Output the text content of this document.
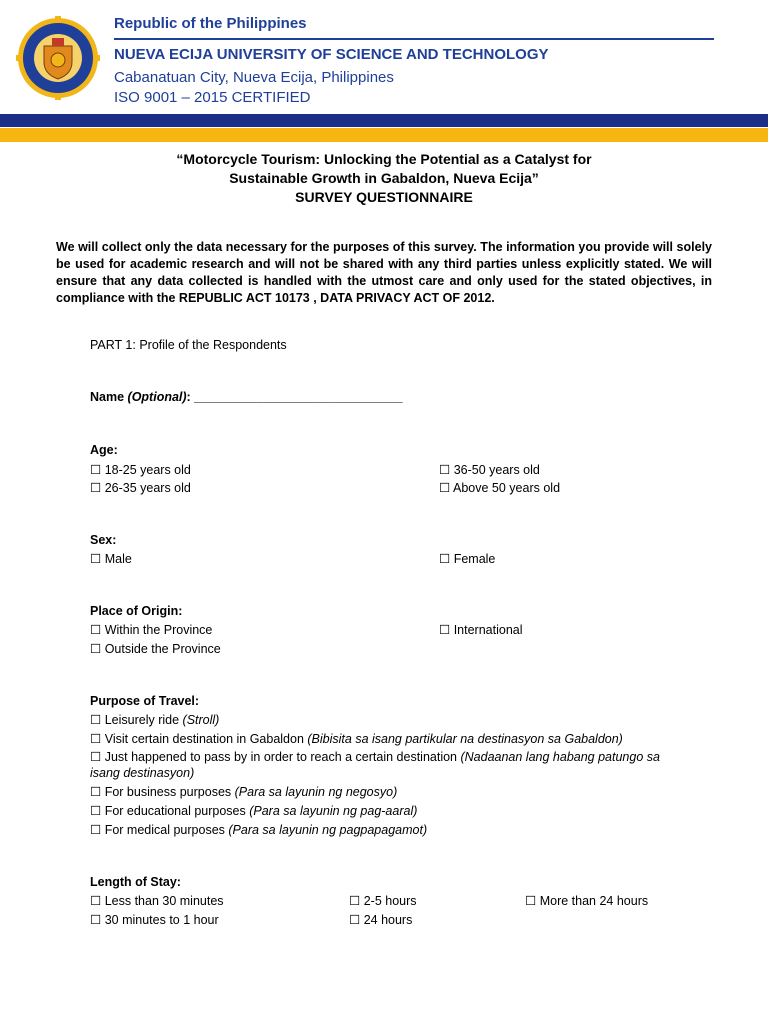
Republic of the Philippines
NUEVA ECIJA UNIVERSITY OF SCIENCE AND TECHNOLOGY
Cabanatuan City, Nueva Ecija, Philippines
ISO 9001 – 2015 CERTIFIED
“Motorcycle Tourism: Unlocking the Potential as a Catalyst for
Sustainable Growth in Gabaldon, Nueva Ecija”
SURVEY QUESTIONNAIRE
We will collect only the data necessary for the purposes of this survey. The information you provide will solely be used for academic research and will not be shared with any third parties unless explicitly stated. We will ensure that any data collected is handled with the utmost care and only used for the stated objectives, in compliance with the REPUBLIC ACT 10173 , DATA PRIVACY ACT OF 2012.
PART 1: Profile of the Respondents
Name (Optional): ______________________________
Age:
☐ 18-25 years old
☐ 26-35 years old
☐ 36-50 years old
☐ Above 50 years old
Sex:
☐ Male	☐ Female
Place of Origin:
☐ Within the Province
☐ Outside the Province
☐ International
Purpose of Travel:
☐ Leisurely ride (Stroll)
☐ Visit certain destination in Gabaldon (Bibisita sa isang partikular na destinasyon sa Gabaldon)
☐ Just happened to pass by in order to reach a certain destination (Nadaanan lang habang patungo sa
isang destinasyon)
☐ For business purposes (Para sa layunin ng negosyo)
☐ For educational purposes (Para sa layunin ng pag-aaral)
☐ For medical purposes (Para sa layunin ng pagpapagamot)
Length of Stay:
☐ Less than 30 minutes
☐ 30 minutes to 1 hour
☐ 2-5 hours
☐ 24 hours
☐ More than 24 hours
